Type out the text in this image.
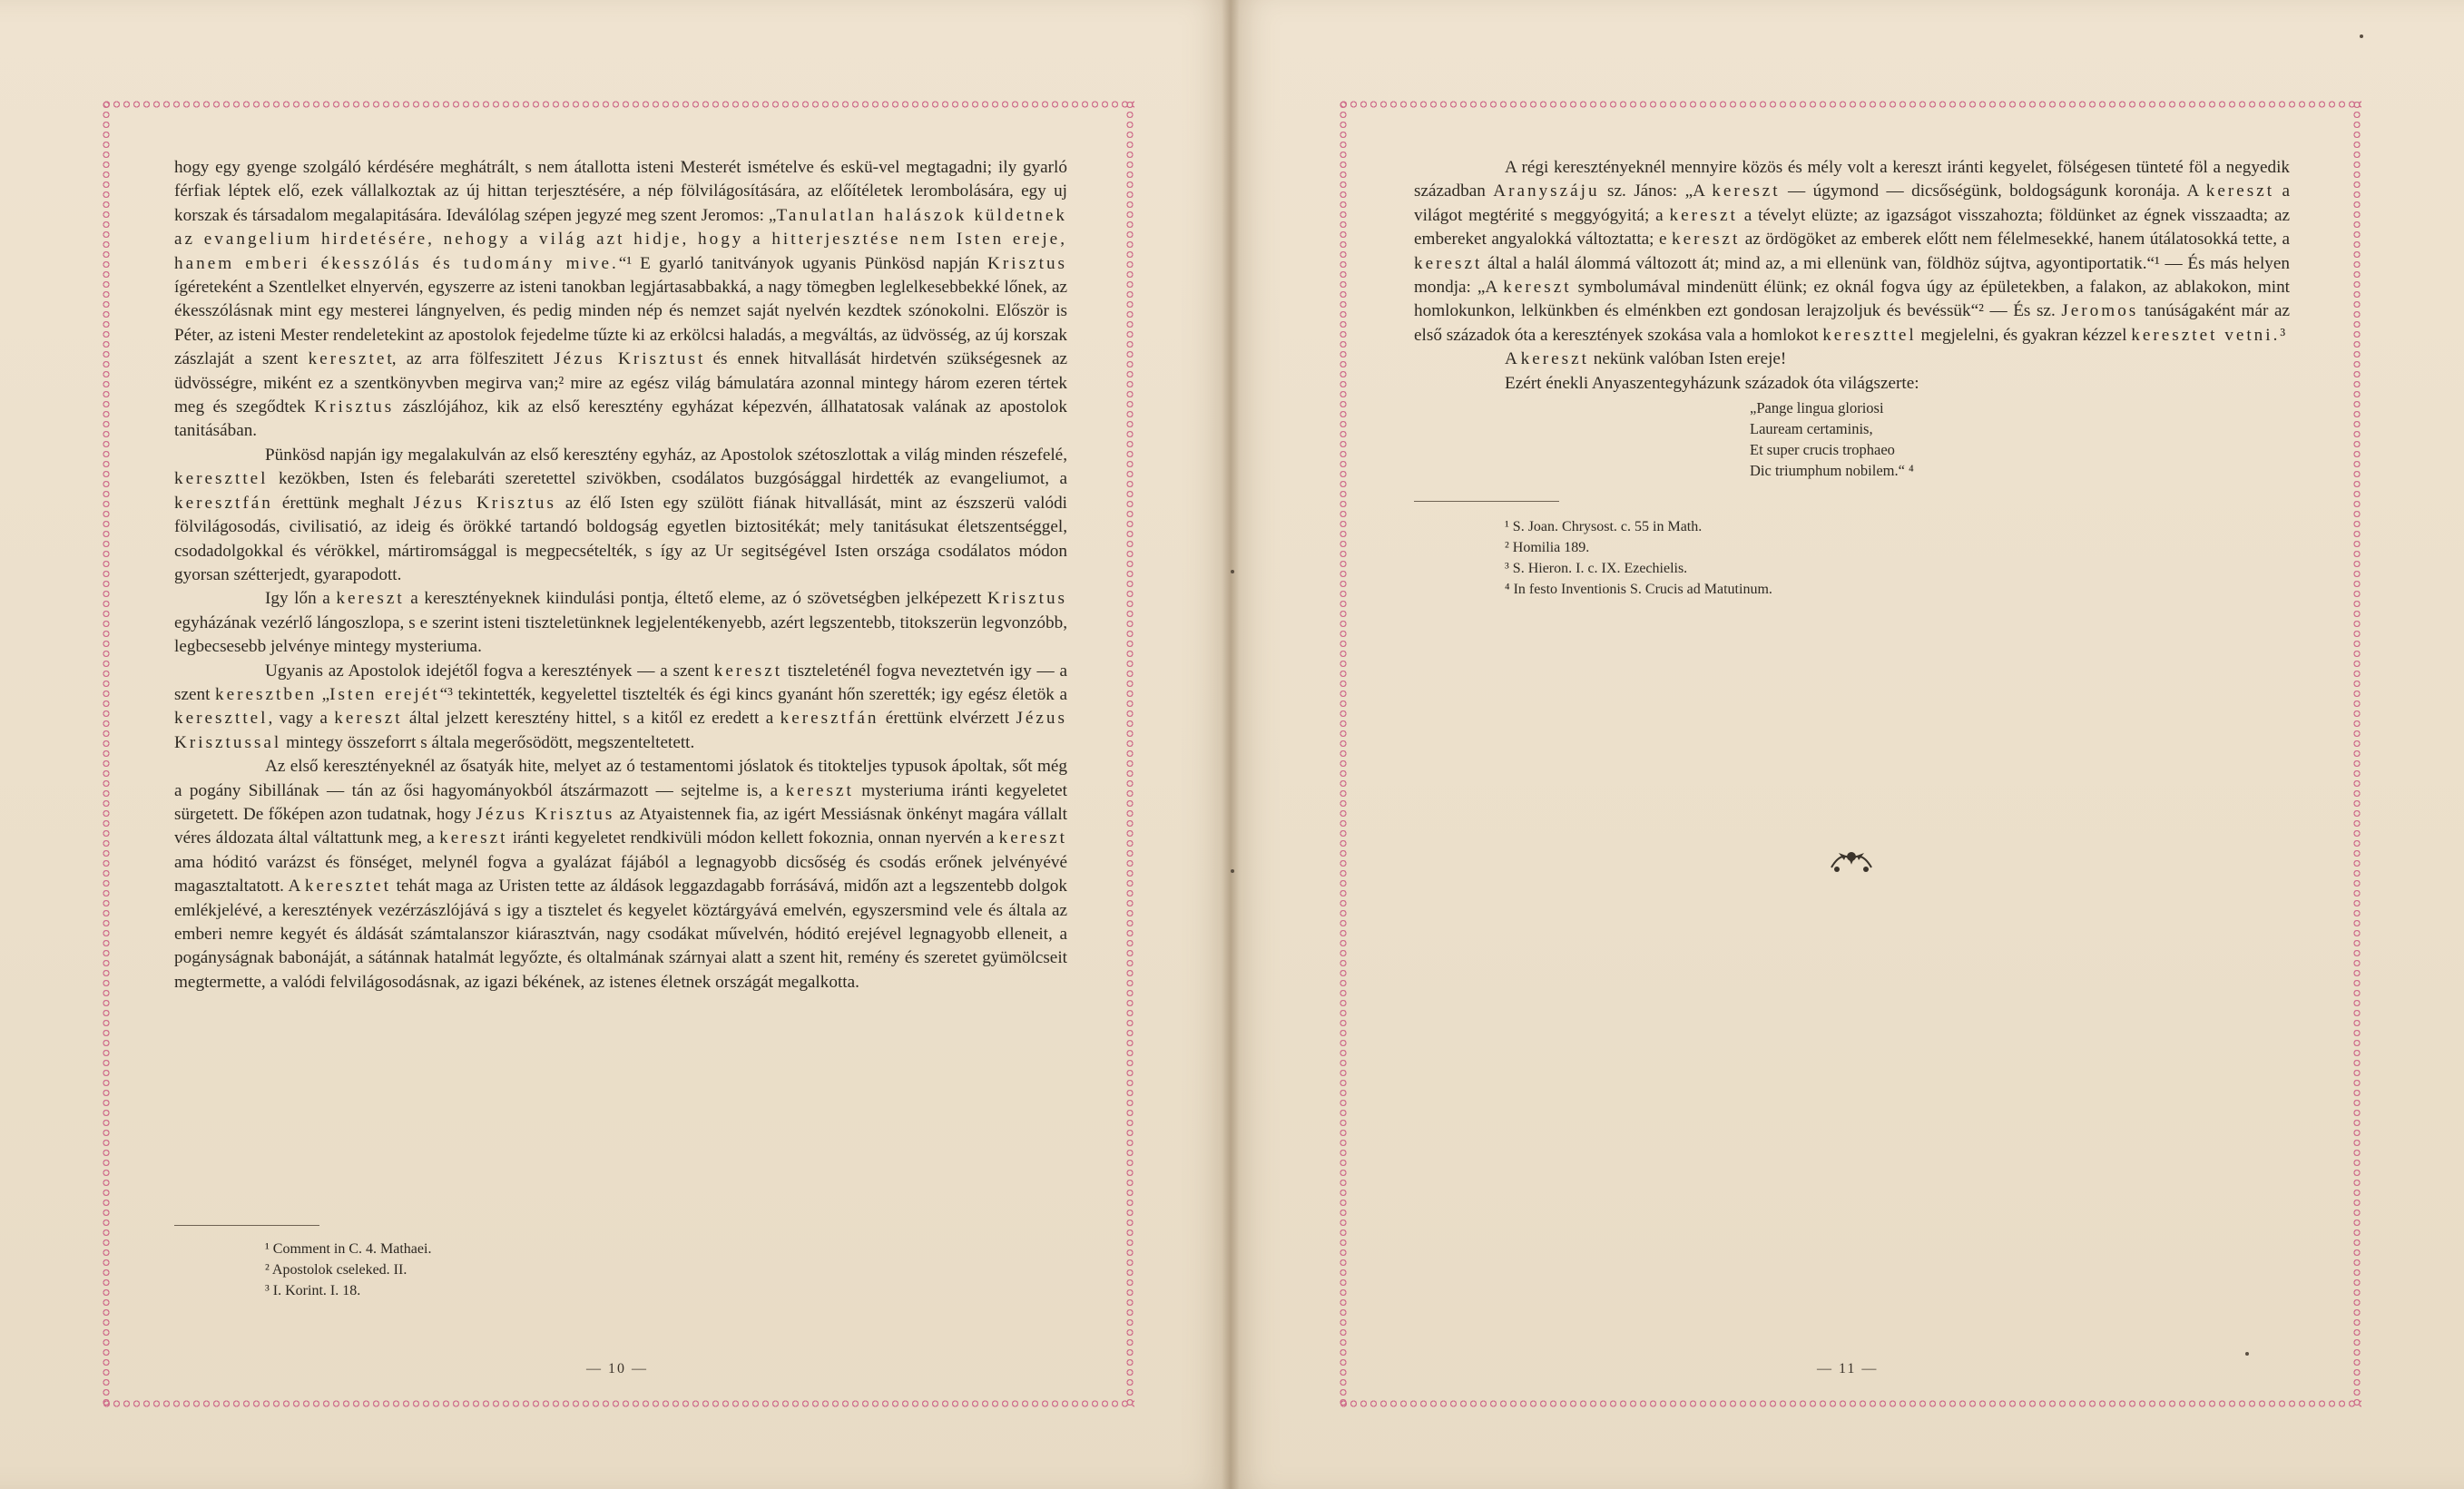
hogy egy gyenge szolgáló kérdésére meghátrált, s nem átallotta isteni Mesterét ismételve és eskü-vel megtagadni; ily gyarló férfiak léptek elő, ezek vállalkoztak az új hittan terjesztésére, a nép fölvilágosítására, az előítéletek lerombolására, egy uj korszak és társadalom megalapitására. Ideválólag szépen jegyzé meg szent Jeromos: „Tanulatlan halászok küldetnek az evangelium hirdetésére, nehogy a világ azt hidje, hogy a hitterjesztése nem Isten ereje, hanem emberi ékesszólás és tudomány mive.“¹ E gyarló tanitványok ugyanis Pünkösd napján Krisztus ígéreteként a Szentlelket elnyervén, egyszerre az isteni tanokban legjártasabbakká, a nagy tömegben leglelkesebbekké lőnek, az ékesszólásnak mint egy mesterei lángnyelven, és pedig minden nép és nemzet saját nyelvén kezdtek szónokolni. Először is Péter, az isteni Mester rendeletekint az apostolok fejedelme tűzte ki az erkölcsi haladás, a megváltás, az üdvösség, az új korszak zászlaját a szent keresztet, az arra fölfeszitett Jézus Krisztust és ennek hitvallását hirdetvén szükségesnek az üdvösségre, miként ez a szentkönyvben megirva van;² mire az egész világ bámulatára azonnal mintegy három ezeren tértek meg és szegődtek Krisztus zászlójához, kik az első keresztény egyházat képezvén, állhatatosak valának az apostolok tanitásában.

Pünkösd napján igy megalakulván az első keresztény egyház, az Apostolok szétoszlottak a világ minden részefelé, kereszttel kezökben, Isten és felebaráti szeretettel szivökben, csodálatos buzgósággal hirdették az evangeliumot, a keresztfán érettünk meghalt Jézus Krisztus az élő Isten egy szülött fiának hitvallását, mint az észszerü valódi fölvilágosodás, civilisatió, az ideig és örökké tartandó boldogság egyetlen biztositékát; mely tanitásukat életszentséggel, csodadolgokkal és vérökkel, mártiromsággal is megpecsételték, s így az Ur segitségével Isten országa csodálatos módon gyorsan szétterjedt, gyarapodott.

Igy lőn a kereszt a keresztényeknek kiindulási pontja, éltető eleme, az ó szövetségben jelképezett Krisztus egyházának vezérlő lángoszlopa, s e szerint isteni tiszteletünknek legjelentékenyebb, azért legszentebb, titokszerün legvonzóbb, legbecsesebb jelvénye mintegy mysteriuma.

Ugyanis az Apostolok idejétől fogva a keresztények — a szent kereszt tiszteleténél fogva neveztetvén igy — a szent keresztben „Isten erejét“³ tekintették, kegyelettel tisztelték és égi kincs gyanánt hőn szerették; igy egész életök a kereszttel, vagy a kereszt által jelzett keresztény hittel, s a kitől ez eredett a keresztfán érettünk elvérzett Jézus Krisztussal mintegy összeforrt s általa megerősödött, megszenteltetett.

Az első keresztényeknél az ősatyák hite, melyet az ó testamentomi jóslatok és titokteljes typusok ápoltak, sőt még a pogány Sibillának — tán az ősi hagyományokból átszármazott — sejtelme is, a kereszt mysteriuma iránti kegyeletet sürgetett. De főképen azon tudatnak, hogy Jézus Krisztus az Atyaistennek fia, az igért Messiásnak önkényt magára vállalt véres áldozata által váltattunk meg, a kereszt iránti kegyeletet rendkivüli módon kellett fokoznia, onnan nyervén a kereszt ama hóditó varázst és fönséget, melynél fogva a gyalázat fájából a legnagyobb dicsőség és csodás erőnek jelvényévé magasztaltatott. A keresztet tehát maga az Uristen tette az áldások leggazdagabb forrásává, midőn azt a legszentebb dolgok emlékjelévé, a keresztények vezérzászlójává s igy a tisztelet és kegyelet köztárgyává emelvén, egyszersmind vele és általa az emberi nemre kegyét és áldását számtalanszor kiárasztván, nagy csodákat művelvén, hóditó erejével legnagyobb elleneit, a pogányságnak babonáját, a sátánnak hatalmát legyőzte, és oltalmának szárnyai alatt a szent hit, remény és szeretet gyümölcseit megtermette, a valódi felvilágosodásnak, az igazi békének, az istenes életnek országát megalkotta.

¹ Comment in C. 4. Mathaei.
² Apostolok cseleked. II.
³ I. Korint. I. 18.
— 10 —

A régi keresztényeknél mennyire közös és mély volt a kereszt iránti kegyelet, fölségesen tünteté föl a negyedik században Aranyszáju sz. János: „A kereszt — úgymond — dicsőségünk, boldogságunk koronája. A kereszt a világot megtérité s meggyógyitá; a kereszt a tévelyt elüzte; az igazságot visszahozta; földünket az égnek visszaadta; az embereket angyalokká változtatta; e kereszt az ördögöket az emberek előtt nem félelmesekké, hanem útálatosokká tette, a kereszt által a halál álommá változott át; mind az, a mi ellenünk van, földhöz sújtva, agyontiportatik.“¹ — És más helyen mondja: „A kereszt symbolumával mindenütt élünk; ez oknál fogva úgy az épületekben, a falakon, az ablakokon, mint homlokunkon, lelkünkben és elménkben ezt gondosan lerajzoljuk és bevéssük“² — És sz. Jeromos tanúságaként már az első századok óta a keresztények szokása vala a homlokot kereszttel megjelelni, és gyakran kézzel keresztet vetni.³

A kereszt nekünk valóban Isten ereje!

Ezért énekli Anyaszentegyházunk századok óta világszerte:

„Pange lingua gloriosi
Lauream certaminis,
Et super crucis trophaeo
Dic triumphum nobilem.“ ⁴
¹ S. Joan. Chrysost. c. 55 in Math.
² Homilia 189.
³ S. Hieron. I. c. IX. Ezechielis.
⁴ In festo Inventionis S. Crucis ad Matutinum.
— 11 —
